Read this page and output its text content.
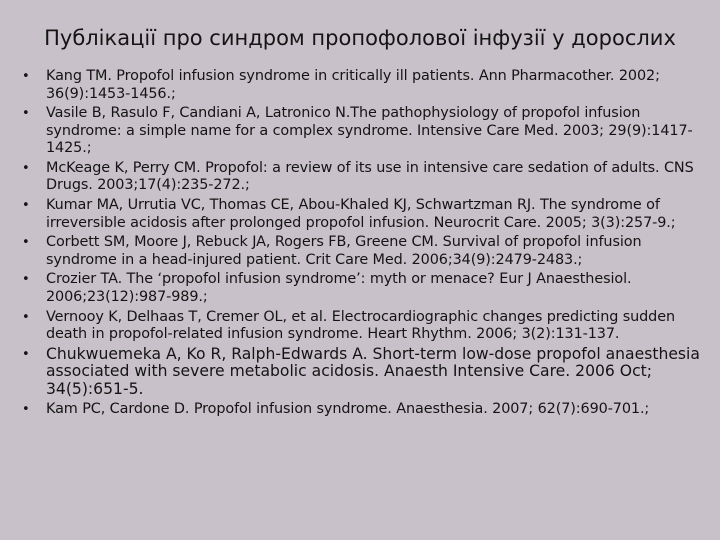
Публікації про синдром пропофолової інфузії у дорослих
• Kang TM. Propofol infusion syndrome in critically ill patients. Ann Pharmacother. 2002; 36(9):1453-1456.;
• Vasile B, Rasulo F, Candiani A, Latronico N.The pathophysiology of propofol infusion syndrome: a simple name for a complex syndrome. Intensive Care Med. 2003; 29(9):1417-1425.;
• McKeage K, Perry CM. Propofol: a review of its use in intensive care sedation of adults. CNS Drugs. 2003;17(4):235-272.;
• Kumar MA, Urrutia VC, Thomas CE, Abou-Khaled KJ, Schwartzman RJ. The syndrome of irreversible acidosis after prolonged propofol infusion. Neurocrit Care. 2005; 3(3):257-9.;
• Corbett SM, Moore J, Rebuck JA, Rogers FB, Greene CM. Survival of propofol infusion syndrome in a head-injured patient. Crit Care Med. 2006;34(9):2479-2483.;
• Crozier TA. The ‘propofol infusion syndrome’: myth or menace? Eur J Anaesthesiol. 2006;23(12):987-989.;
• Vernooy K, Delhaas T, Cremer OL, et al. Electrocardiographic changes predicting sudden death in propofol-related infusion syndrome. Heart Rhythm. 2006; 3(2):131-137.
• Chukwuemeka A, Ko R, Ralph-Edwards A. Short-term low-dose propofol anaesthesia associated with severe metabolic acidosis. Anaesth Intensive Care. 2006 Oct; 34(5):651-5.
• Kam PC, Cardone D. Propofol infusion syndrome. Anaesthesia. 2007; 62(7):690-701.;
